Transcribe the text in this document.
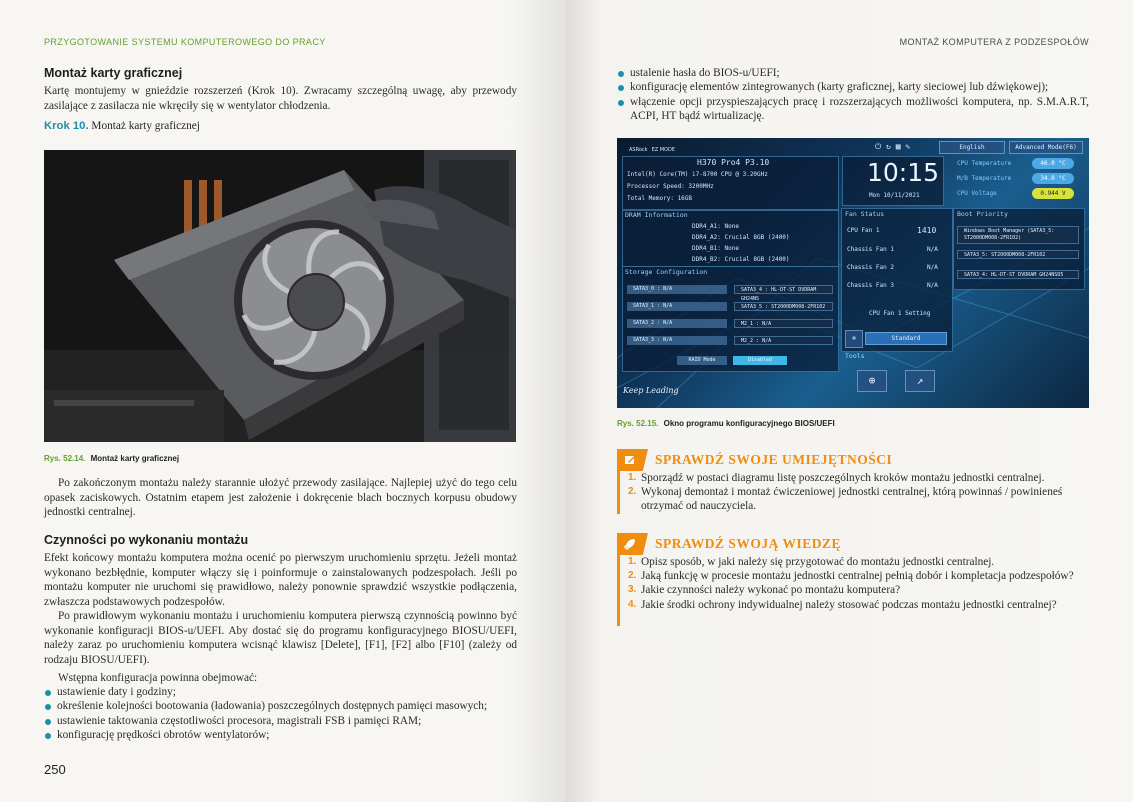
PRZYGOTOWANIE SYSTEMU KOMPUTEROWEGO DO PRACY
Montaż karty graficznej
Kartę montujemy w gnieździe rozszerzeń (Krok 10). Zwracamy szczególną uwagę, aby przewody zasilające z zasilacza nie wkręciły się w wentylator chłodzenia.
Krok 10. Montaż karty graficznej
Rys. 52.14. Montaż karty graficznej
Po zakończonym montażu należy starannie ułożyć przewody zasilające. Najlepiej użyć do tego celu opasek zaciskowych. Ostatnim etapem jest założenie i dokręcenie blach bocznych korpusu obudowy jednostki centralnej.
Czynności po wykonaniu montażu
Efekt końcowy montażu komputera można ocenić po pierwszym uruchomieniu sprzętu. Jeżeli montaż wykonano bezbłędnie, komputer włączy się i poinformuje o zainstalowanych podzespołach. Jeśli po montażu komputer nie uruchomi się prawidłowo, należy ponownie sprawdzić wszystkie podłączenia, zwłaszcza podstawowych podzespołów.
Po prawidłowym wykonaniu montażu i uruchomieniu komputera pierwszą czynnością powinno być wykonanie konfiguracji BIOS-u/UEFI. Aby dostać się do programu konfiguracyjnego BIOSU/UEFI, należy zaraz po uruchomieniu komputera wcisnąć klawisz [Delete], [F1], [F2] albo [F10] (zależy od rodzaju BIOSU/UEFI).
Wstępna konfiguracja powinna obejmować:
ustawienie daty i godziny;
określenie kolejności bootowania (ładowania) poszczególnych dostępnych pamięci masowych;
ustawienie taktowania częstotliwości procesora, magistrali FSB i pamięci RAM;
konfigurację prędkości obrotów wentylatorów;
250
MONTAŻ KOMPUTERA Z PODZESPOŁÓW
ustalenie hasła do BIOS-u/UEFI;
konfigurację elementów zintegrowanych (karty graficznej, karty sieciowej lub dźwiękowej);
włączenie opcji przyspieszających pracę i rozszerzających możliwości komputera, np. S.M.A.R.T, ACPI, HT bądź wirtualizację.
ASRock EZ MODE
H370 Pro4 P3.10
Intel(R) Core(TM) i7-8700 CPU @ 3.20GHz
Processor Speed: 3200MHz
Total Memory: 16GB
10:15
Mon 10/11/2021
⏻ ↻ ▦ ✎	English	Advanced Mode(F6)
CPU Temperature	46.0 °C
M/B Temperature	34.0 °C
CPU Voltage	0.944 V
DRAM Information
DDR4_A1: None
DDR4_A2: Crucial 8GB (2400)
DDR4_B1: None
DDR4_B2: Crucial 8GB (2400)
Storage Configuration
SATA3_0 : N/A
SATA3_1 : N/A
SATA3_2 : N/A
SATA3_3 : N/A
SATA3_4 : HL-DT-ST DVDRAM GH24NS
SATA3_5 : ST2000DM008-2FR102
M2_1 : N/A
M2_2 : N/A
RAID Mode	Disabled
Fan Status
CPU Fan 1	1410
Chassis Fan 1	N/A
Chassis Fan 2	N/A
Chassis Fan 3	N/A
CPU Fan 1 Setting
❄	Standard
Tools
⊕	↗
Boot Priority
Windows Boot Manager (SATA3_5: ST2000DM008-2FR102)
SATA3_5: ST2000DM008-2FR102
SATA3_4: HL-DT-ST DVDRAM GH24NSD5
Keep Leading
Rys. 52.15. Okno programu konfiguracyjnego BIOS/UEFI
SPRAWDŹ SWOJE UMIEJĘTNOŚCI
1. Sporządź w postaci diagramu listę poszczególnych kroków montażu jednostki centralnej.
2. Wykonaj demontaż i montaż ćwiczeniowej jednostki centralnej, którą powinnaś / powinieneś otrzymać od nauczyciela.
SPRAWDŹ SWOJĄ WIEDZĘ
1. Opisz sposób, w jaki należy się przygotować do montażu jednostki centralnej.
2. Jaką funkcję w procesie montażu jednostki centralnej pełnią dobór i kompletacja podzespołów?
3. Jakie czynności należy wykonać po montażu komputera?
4. Jakie środki ochrony indywidualnej należy stosować podczas montażu jednostki centralnej?
